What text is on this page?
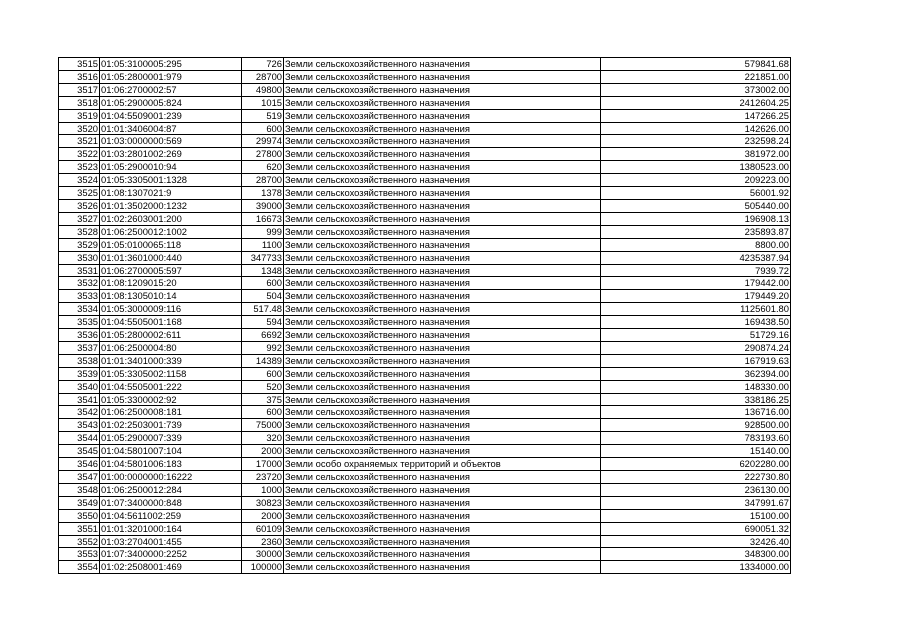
3515	01:05:3100005:295	726	Земли сельскохозяйственного назначения	579841.68
3516	01:05:2800001:979	28700	Земли сельскохозяйственного назначения	221851.00
3517	01:06:2700002:57	49800	Земли сельскохозяйственного назначения	373002.00
3518	01:05:2900005:824	1015	Земли сельскохозяйственного назначения	2412604.25
3519	01:04:5509001:239	519	Земли сельскохозяйственного назначения	147266.25
3520	01:01:3406004:87	600	Земли сельскохозяйственного назначения	142626.00
3521	01:03:0000000:569	29974	Земли сельскохозяйственного назначения	232598.24
3522	01:03:2801002:269	27800	Земли сельскохозяйственного назначения	381972.00
3523	01:05:2900010:94	620	Земли сельскохозяйственного назначения	1380523.00
3524	01:05:3305001:1328	28700	Земли сельскохозяйственного назначения	209223.00
3525	01:08:1307021:9	1378	Земли сельскохозяйственного назначения	56001.92
3526	01:01:3502000:1232	39000	Земли сельскохозяйственного назначения	505440.00
3527	01:02:2603001:200	16673	Земли сельскохозяйственного назначения	196908.13
3528	01:06:2500012:1002	999	Земли сельскохозяйственного назначения	235893.87
3529	01:05:0100065:118	1100	Земли сельскохозяйственного назначения	8800.00
3530	01:01:3601000:440	347733	Земли сельскохозяйственного назначения	4235387.94
3531	01:06:2700005:597	1348	Земли сельскохозяйственного назначения	7939.72
3532	01:08:1209015:20	600	Земли сельскохозяйственного назначения	179442.00
3533	01:08:1305010:14	504	Земли сельскохозяйственного назначения	179449.20
3534	01:05:3000009:116	517.48	Земли сельскохозяйственного назначения	1125601.80
3535	01:04:5505001:168	594	Земли сельскохозяйственного назначения	169438.50
3536	01:05:2800002:611	6692	Земли сельскохозяйственного назначения	51729.16
3537	01:06:2500004:80	992	Земли сельскохозяйственного назначения	290874.24
3538	01:01:3401000:339	14389	Земли сельскохозяйственного назначения	167919.63
3539	01:05:3305002:1158	600	Земли сельскохозяйственного назначения	362394.00
3540	01:04:5505001:222	520	Земли сельскохозяйственного назначения	148330.00
3541	01:05:3300002:92	375	Земли сельскохозяйственного назначения	338186.25
3542	01:06:2500008:181	600	Земли сельскохозяйственного назначения	136716.00
3543	01:02:2503001:739	75000	Земли сельскохозяйственного назначения	928500.00
3544	01:05:2900007:339	320	Земли сельскохозяйственного назначения	783193.60
3545	01:04:5801007:104	2000	Земли сельскохозяйственного назначения	15140.00
3546	01:04:5801006:183	17000	Земли особо охраняемых территорий и объектов	6202280.00
3547	01:00:0000000:16222	23720	Земли сельскохозяйственного назначения	222730.80
3548	01:06:2500012:284	1000	Земли сельскохозяйственного назначения	236130.00
3549	01:07:3400000:848	30823	Земли сельскохозяйственного назначения	347991.67
3550	01:04:5611002:259	2000	Земли сельскохозяйственного назначения	15100.00
3551	01:01:3201000:164	60109	Земли сельскохозяйственного назначения	690051.32
3552	01:03:2704001:455	2360	Земли сельскохозяйственного назначения	32426.40
3553	01:07:3400000:2252	30000	Земли сельскохозяйственного назначения	348300.00
3554	01:02:2508001:469	100000	Земли сельскохозяйственного назначения	1334000.00
